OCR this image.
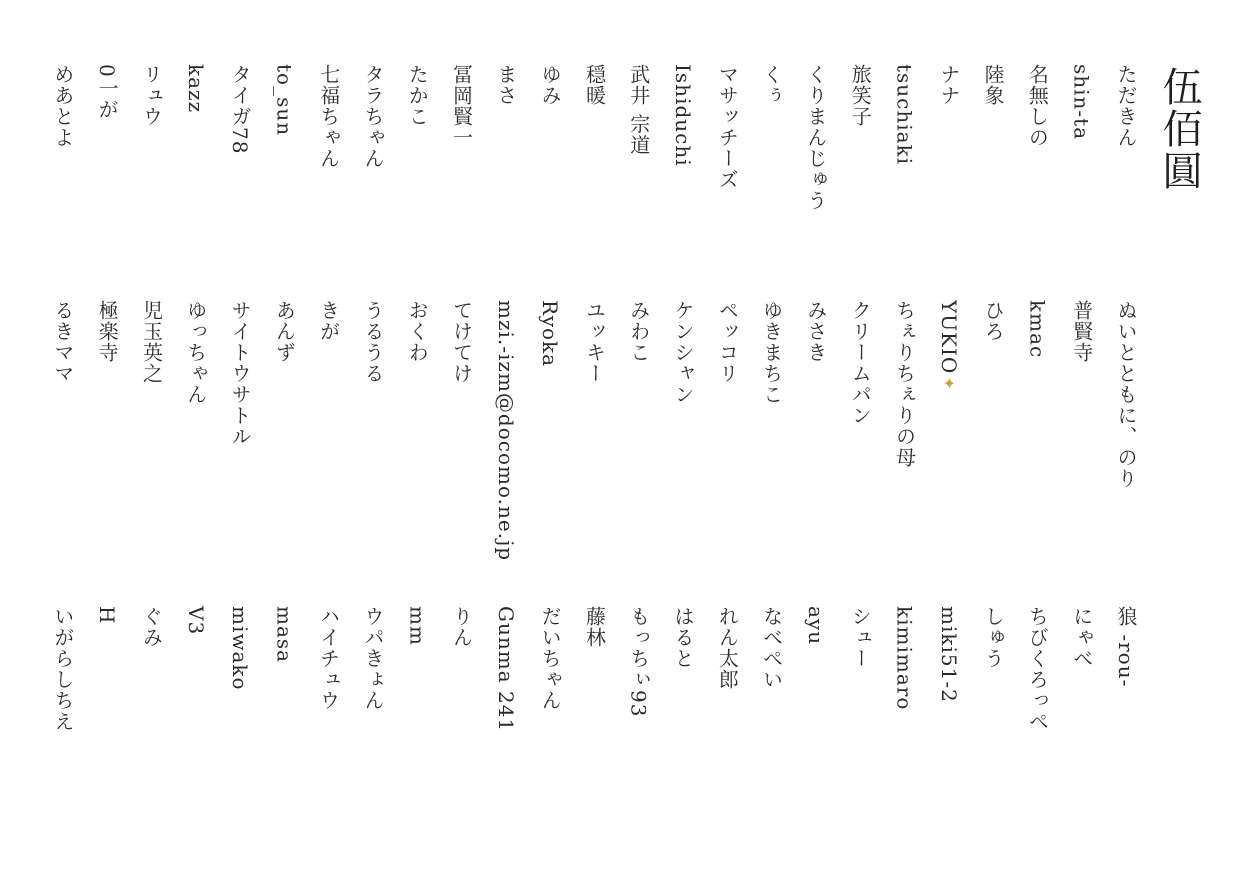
伍佰圓
ただきん
shin-ta
名無しの
陸象
ナナ
tsuchiaki
旅笑子
くりまんじゅう
くぅ
マサッチーズ
Ishiduchi
武井 宗道
穏暖
ゆみ
まさ
冨岡賢一
たかこ
タラちゃん
七福ちゃん
to_sun
タイガ78
kazz
リュウ
0一が
めあとよ
ぬいとともに、のり
普賢寺
kmac
ひろ
YUKIO✦
ちぇりちぇりの母
クリームパン
みさき
ゆきまちこ
ペッコリ
ケンシャン
みわこ
ユッキー
Ryoka
mzi.-izm@docomo.ne.jp
てけてけ
おくわ
うるうる
きが
あんず
サイトウサトル
ゆっちゃん
児玉英之
極楽寺
るきママ
狼 -rou-
にゃべ
ちびくろっぺ
しゅう
miki51-2
kimimaro
シュー
ayu
なべぺい
れん太郎
はると
もっちぃ93
藤林
だいちゃん
Gunma 241
りん
mm
ウパきょん
ハイチュウ
masa
miwako
V3
ぐみ
H
いがらしちえ
